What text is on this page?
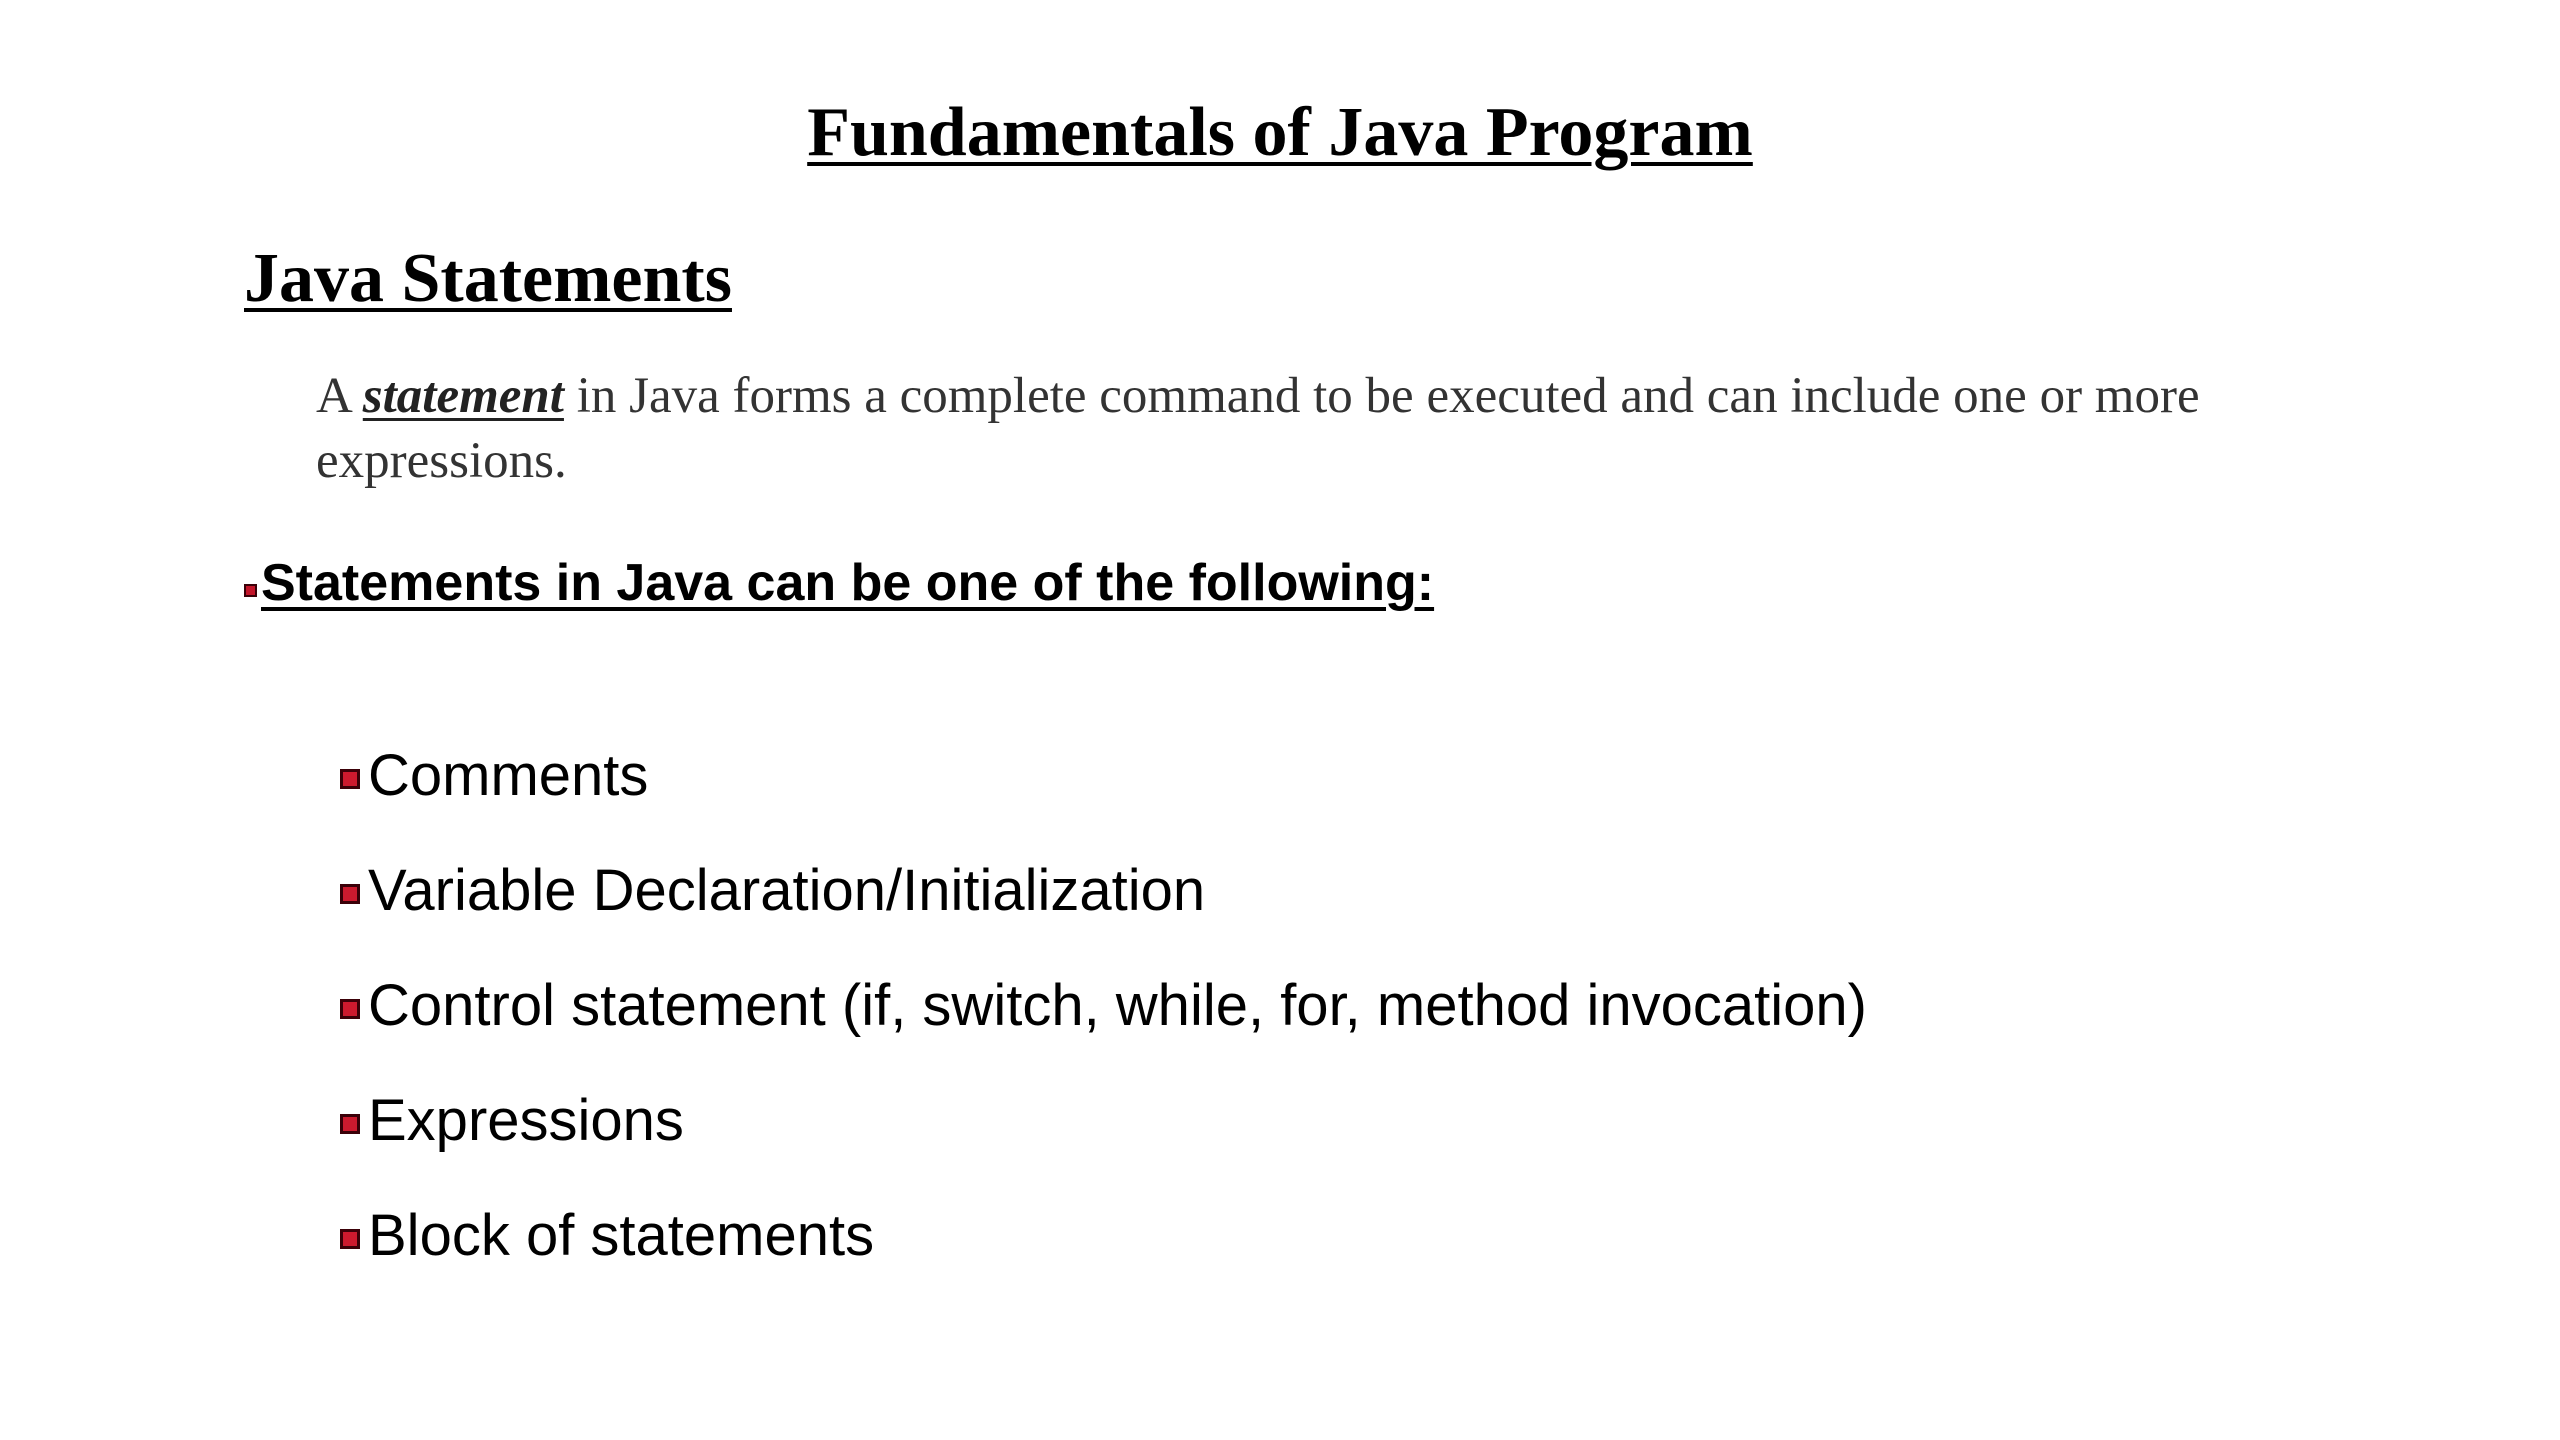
Fundamentals of Java Program
Java Statements

A statement in Java forms a complete command to be executed and can include one or more expressions.

Statements in Java can be one of the following:
Comments
Variable Declaration/Initialization
Control statement (if, switch, while, for, method invocation)
Expressions
Block of statements
